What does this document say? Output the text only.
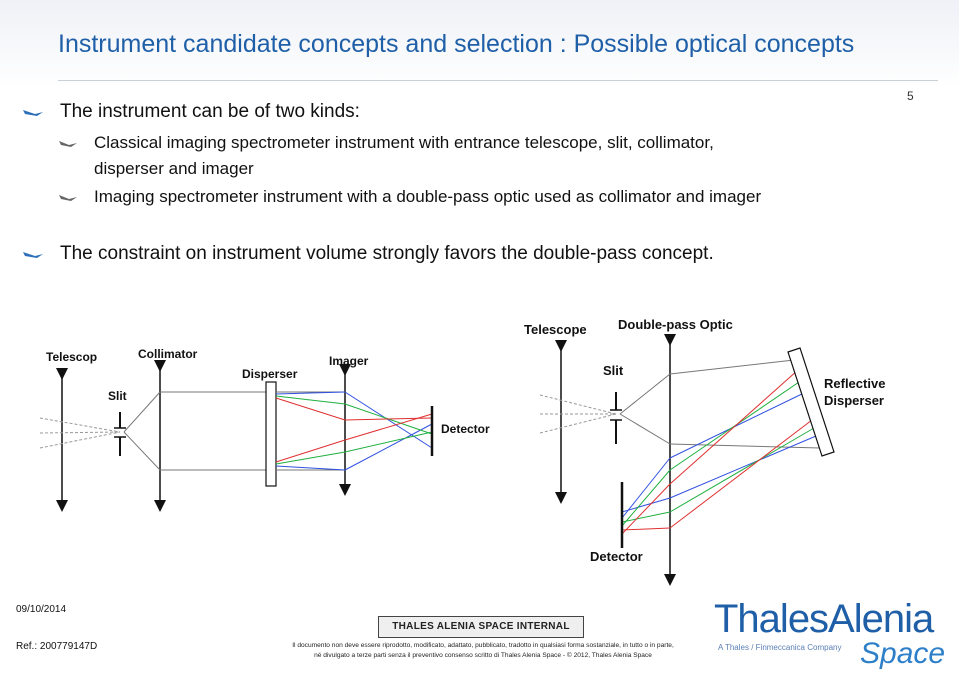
Instrument candidate concepts and selection : Possible optical concepts
5
The instrument can be of two kinds:
Classical imaging spectrometer instrument with entrance telescope, slit, collimator,
disperser and imager
Imaging spectrometer instrument with a double-pass optic used as collimator and imager
The constraint on instrument volume strongly favors the double-pass concept.
Telescop	Collimator
Slit
Disperser
Imager
Detector
Telescope Double-pass Optic
Slit
Reflective
Disperser
Detector
09/10/2014
Ref.: 200779147D
THALES ALENIA SPACE INTERNAL
Il documento non deve essere riprodotto, modificato, adattato, pubblicato, tradotto in qualsiasi forma sostanziale, in tutto o in parte,
né divulgato a terze parti senza il preventivo consenso scritto di Thales Alenia Space - © 2012, Thales Alenia Space
ThalesAlenia
A Thales / Finmeccanica Company Space
